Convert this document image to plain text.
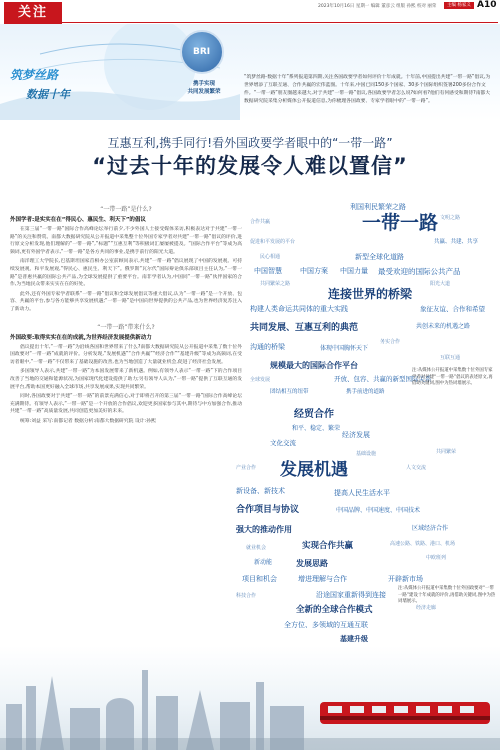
关注	2023年10月16日 星期一 编辑 董彦云 组版 孙熙 校对 丽荣	主编 杨家义 A10
筑梦丝路
数据十年
BRI
携手实现
共同发展繁荣
“筑梦丝路·数据十年”系列报道第四期,关注各国政要学者如何评价十年成就。十年前,中国提出共建“一带一路”倡议,为世界增添了互联互通、合作共赢的宏伟蓝图。十年来,中国已同150多个国家、30多个国际组织签署200多份合作文件。“一带一路”朋友圈越来越大,对于共建“一带一路”倡议,各国政要学者怎么说?如何看?他们有何感受和期待?南都大数据研究院采集分析媒体公开报道信息,为你梳理各国政要、专家学者眼中的“一带一路”。
互惠互利,携手同行!看外国政要学者眼中的“一带一路”
“过去十年的发展令人难以置信”
“一带一路”是什么?
外国学者:是实实在在“得民心、惠民生、利天下”的倡议

在第三届“一带一路”国际合作高峰论坛举行前夕,不少外国人士接受媒体采访,积极表达对于共建“一带一路”的关注和赞赏。南都大数据研究院从公开报道中采集整十位外国专家学者对共建“一带一路”倡议的评价,进行原文分析发现,他们理解的“一带一路”,“标题”“互惠互利”等积极词汇屡屡被提及。“国际合作平台”等成为高频词,更有外国学者表示,“一带一路”是各方共同的事业,是携手前行的阳光大道。

南洋理工大学院长,巴基斯坦国家首相办公室前顾问表示,共建“一带一路”倡议展现了中国的发展观、可持续发展观、和平发展观,“得民心、惠民生、利天下”。俄罗斯“瓦尔代”国际辩论俱乐部项目主任认为,“一带一路”是普惠共赢的国际公共产品,为全球发展提供了重要平台。南非学者认为,中国同“一带一路”伙伴国家的合作,为当地民众带来实实在在的好处。

此外,还有外国专家学者联系“一带一路”倡议和全球发展倡议等重大倡议,认为“一带一路”是一个开放、包容、共赢的平台,参与各方能够共享发展机遇;“一带一路”是中国向世界提供的公共产品,也为世界经济复苏注入了新动力。

“一带一路”带来什么?
外国政要:取得实实在在的成就,为世界经济发展提供新动力

倡议提出十年,“一带一路”为沿线各国和世界带来了什么?南都大数据研究院从公开报道中采集了数十位外国政要对“一带一路”成就的评价。分析发现,“发展机遇”“合作共赢”“经济合作”“基建升级”等成为高频词,在受访者眼中,“一带一路”不仅带来了基础设施的改善,也为当地创造了大量就业机会,促进了经济社会发展。

多国领导人表示,共建“一带一路”为本国发展带来了新机遇。例如,有领导人表示“一带一路”下的合作项目改善了当地的交通和能源状况,为国家现代化建设提供了助力;另有领导人认为,“一带一路”提供了互联互通的发展平台,帮助本国更好融入全球市场,共享发展成果,实现共同繁荣。

同时,各国政要对于共建“一带一路”的前景充满信心,对于即将召开的第三届“一带一路”国际合作高峰论坛充满期待。有领导人表示,“一带一路”是一个开放的合作倡议,欢迎更多国家参与其中,期待与中方加强合作,推动共建“一带一路”高质量发展,共同创造更加美好的未来。

统筹:刘益 采写:南都记者 数据分析:南都大数据研究院 设计:孙熙

利国利民繁荣之路
一带一路
共赢、共建、共享
促进和平发展的平台
新型全球化道路
中国智慧	中国方案 中国力量 最受欢迎的国际公共产品
连接世界的桥梁
构建人类命运共同体的重大实践	象征友谊、合作和希望
共同发展、互惠互利的典范	共创未来的机遇之路
沟通的桥梁	体现中国胸怀天下
规模最大的国际合作平台
开放、包容、共赢的新型国际关系
团结相互的纽带	携手前进的道路
共同繁荣之路	阳光大道
文明之路
合作共赢
务实合作
民心相通
互联互通
全球发展
注:从媒体公开报道中采集数十位外国专家学者对共建“一带一路”倡议的表述原文,再借助关键词,图中为热词墙展示。
经贸合作
和平、稳定、繁荣
经济发展
文化交流
发展机遇
新设备、新技术	提高人民生活水平
合作项目与协议	中国品牌、中国速度、中国技术
强大的推动作用	区域经济合作
实现合作共赢	高速公路、铁路、港口、机场
新动能	发展思路
项目和机会	增进理解与合作	开辟新市场
沿途国家重新得到连接
全新的全球合作模式
全方位、多领域的互通互联
基建升级
科技合作
产业合作	人文交流
共同繁荣
中欧班列
基础设施
就业机会
经济走廊
注:从媒体公开报道中采集数十位外国政要对“一带一路”建设十年成就的评价,再借助关键词,图中为热词墙展示。
